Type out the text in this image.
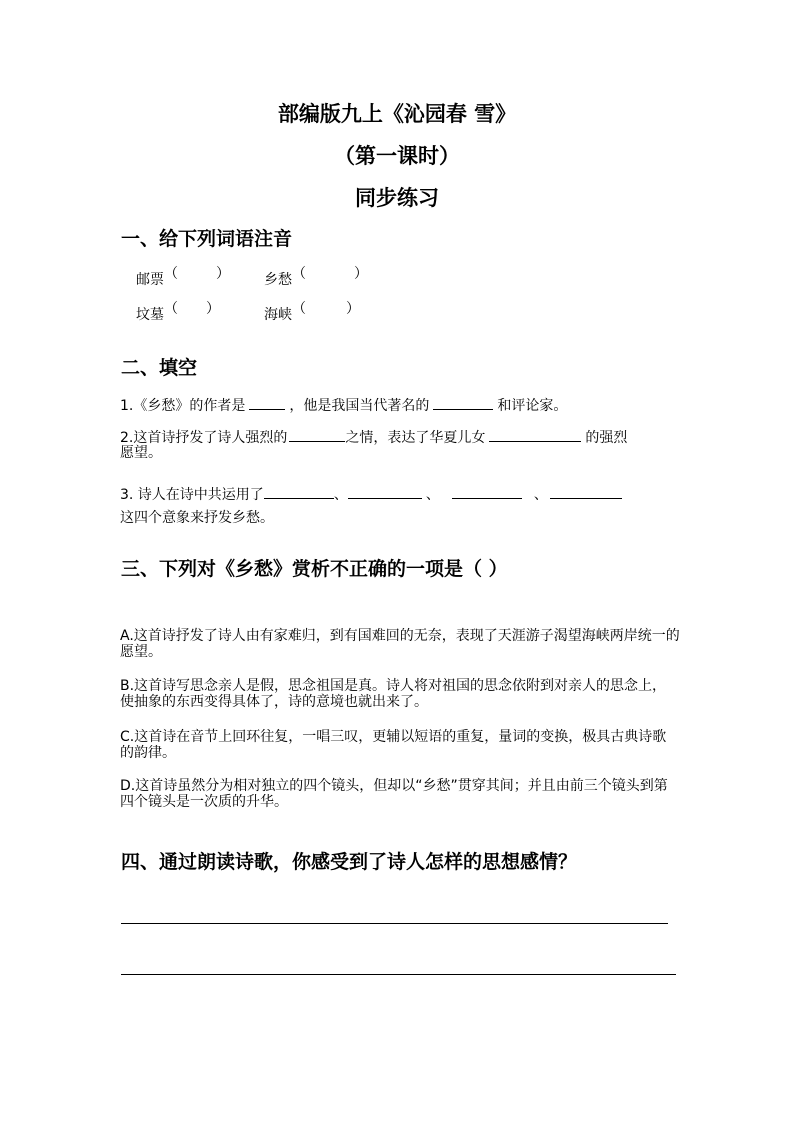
部编版九上《沁园春 雪》
（第一课时）
同步练习
一、给下列词语注音
邮票 （	） 乡愁 （	）
坟墓 （ ）	海峡 （	）
二、填空
1.《乡愁》的作者是	，他是我国当代著名的	和评论家。
2.这首诗抒发了诗人强烈的	之情，表达了华夏儿女	的强烈
愿望。
3. 诗人在诗中共运用了	、	、	、
这四个意象来抒发乡愁。
三、下列对《乡愁》赏析不正确的一项是（ ）
A.这首诗抒发了诗人由有家难归，到有国难回的无奈，表现了天涯游子渴望海峡两岸统一的愿望。
B.这首诗写思念亲人是假，思念祖国是真。诗人将对祖国的思念依附到对亲人的思念上，使抽象的东西变得具体了，诗的意境也就出来了。
C.这首诗在音节上回环往复，一唱三叹，更辅以短语的重复，量词的变换，极具古典诗歌的韵律。
D.这首诗虽然分为相对独立的四个镜头，但却以“乡愁”贯穿其间；并且由前三个镜头到第四个镜头是一次质的升华。
四、通过朗读诗歌，你感受到了诗人怎样的思想感情？
